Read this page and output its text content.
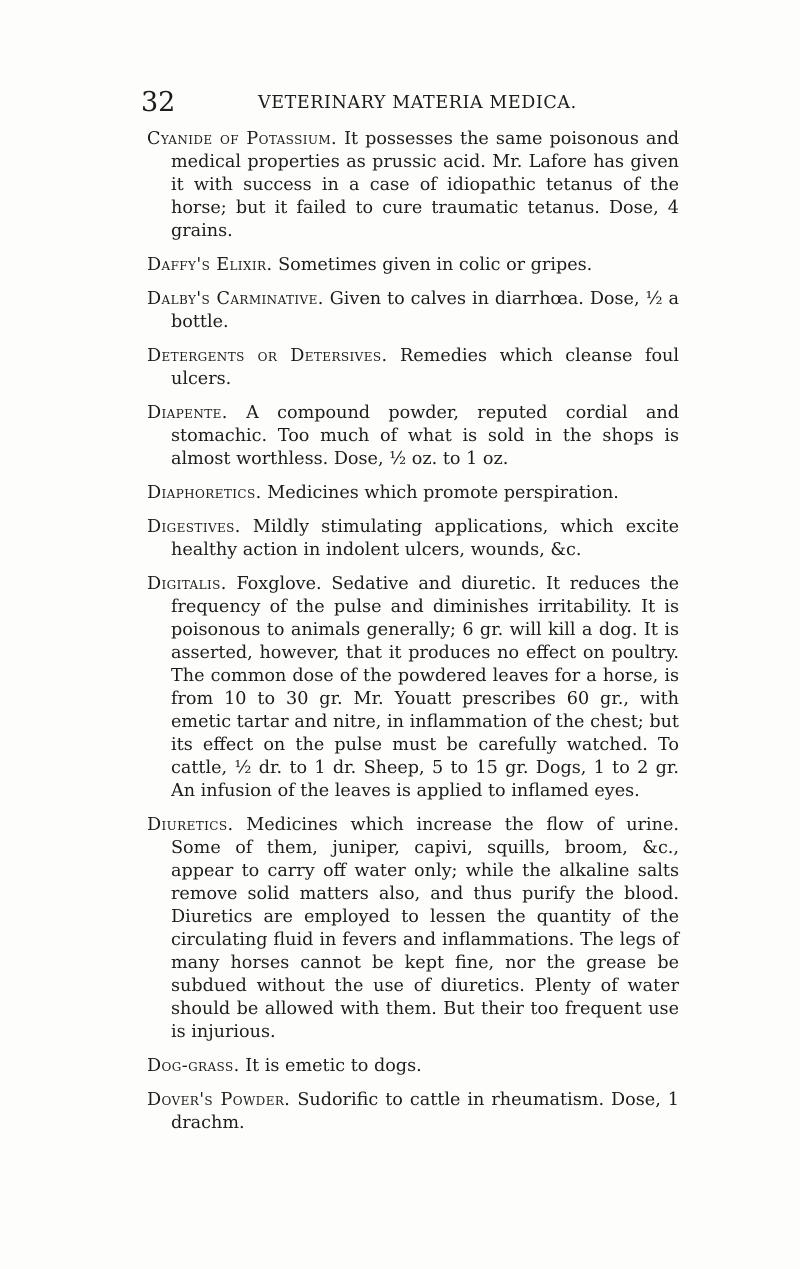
32	VETERINARY MATERIA MEDICA.

Cyanide of Potassium. It possesses the same poisonous and medical properties as prussic acid. Mr. Lafore has given it with success in a case of idiopathic tetanus of the horse; but it failed to cure traumatic tetanus. Dose, 4 grains.

Daffy's Elixir. Sometimes given in colic or gripes.

Dalby's Carminative. Given to calves in diarrhœa. Dose, ½ a bottle.

Detergents or Detersives. Remedies which cleanse foul ulcers.

Diapente. A compound powder, reputed cordial and stomachic. Too much of what is sold in the shops is almost worthless. Dose, ½ oz. to 1 oz.

Diaphoretics. Medicines which promote perspiration.

Digestives. Mildly stimulating applications, which excite healthy action in indolent ulcers, wounds, &c.

Digitalis. Foxglove. Sedative and diuretic. It reduces the frequency of the pulse and diminishes irritability. It is poisonous to animals generally; 6 gr. will kill a dog. It is asserted, however, that it produces no effect on poultry. The common dose of the powdered leaves for a horse, is from 10 to 30 gr. Mr. Youatt prescribes 60 gr., with emetic tartar and nitre, in inflammation of the chest; but its effect on the pulse must be carefully watched. To cattle, ½ dr. to 1 dr. Sheep, 5 to 15 gr. Dogs, 1 to 2 gr. An infusion of the leaves is applied to inflamed eyes.

Diuretics. Medicines which increase the flow of urine. Some of them, juniper, capivi, squills, broom, &c., appear to carry off water only; while the alkaline salts remove solid matters also, and thus purify the blood. Diuretics are employed to lessen the quantity of the circulating fluid in fevers and inflammations. The legs of many horses cannot be kept fine, nor the grease be subdued without the use of diuretics. Plenty of water should be allowed with them. But their too frequent use is injurious.

Dog-grass. It is emetic to dogs.

Dover's Powder. Sudorific to cattle in rheumatism. Dose, 1 drachm.
